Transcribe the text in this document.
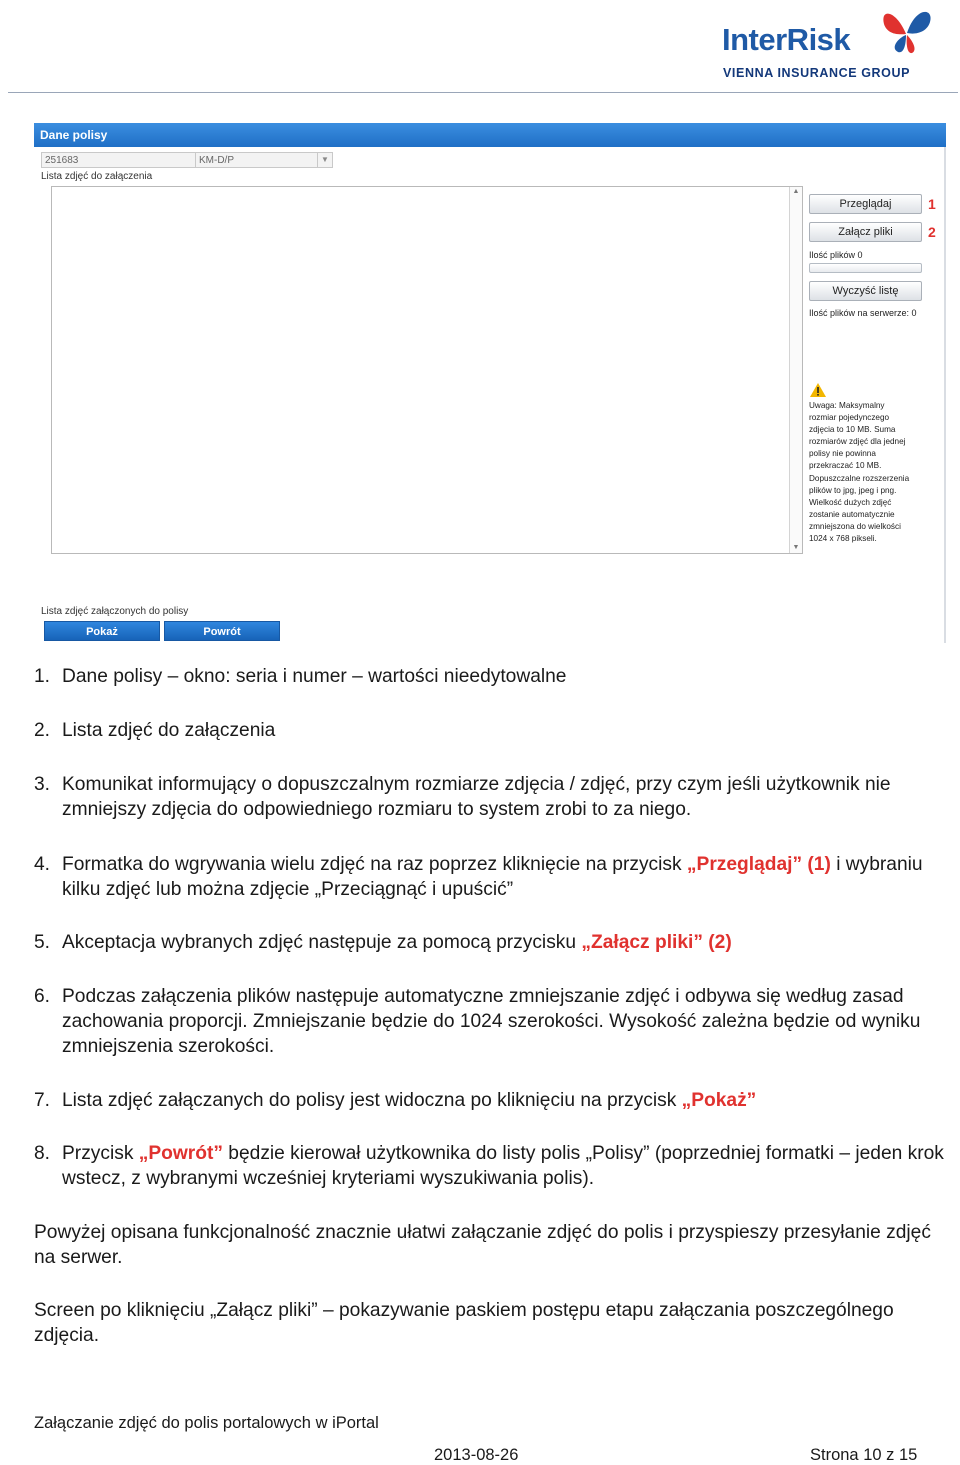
InterRisk
VIENNA INSURANCE GROUP
Dane polisy
251683	KM-D/P	▼
Lista zdjęć do załączenia
▲
▼
Przeglądaj	1
Załącz pliki	2
Ilość plików 0
Wyczyść listę
Ilość plików na serwerze: 0
Uwaga: Maksymalny
rozmiar pojedynczego
zdjęcia to 10 MB. Suma
rozmiarów zdjęć dla jednej
polisy nie powinna
przekraczać 10 MB.
Dopuszczalne rozszerzenia
plików to jpg, jpeg i png.
Wielkość dużych zdjęć
zostanie automatycznie
zmniejszona do wielkości
1024 x 768 pikseli.
Lista zdjęć załączonych do polisy
Pokaż	Powrót
1. Dane polisy – okno: seria i numer – wartości nieedytowalne
2. Lista zdjęć do załączenia
3. Komunikat informujący o dopuszczalnym rozmiarze zdjęcia / zdjęć, przy czym jeśli użytkownik nie zmniejszy zdjęcia do odpowiedniego rozmiaru to system zrobi to za niego.
4. Formatka do wgrywania wielu zdjęć na raz poprzez kliknięcie na przycisk „Przeglądaj” (1) i wybraniu kilku zdjęć lub można zdjęcie „Przeciągnąć i upuścić”
5. Akceptacja wybranych zdjęć następuje za pomocą przycisku „Załącz pliki” (2)
6. Podczas załączenia plików następuje automatyczne zmniejszanie zdjęć i odbywa się według zasad zachowania proporcji. Zmniejszanie będzie do 1024 szerokości. Wysokość zależna będzie od wyniku zmniejszenia szerokości.
7. Lista zdjęć załączanych do polisy jest widoczna po kliknięciu na przycisk „Pokaż”
8. Przycisk „Powrót” będzie kierował użytkownika do listy polis „Polisy” (poprzedniej formatki – jeden krok wstecz, z wybranymi wcześniej kryteriami wyszukiwania polis).
Powyżej opisana funkcjonalność znacznie ułatwi załączanie zdjęć do polis i przyspieszy przesyłanie zdjęć na serwer.
Screen po kliknięciu „Załącz pliki” – pokazywanie paskiem postępu etapu załączania poszczególnego zdjęcia.
Załączanie zdjęć do polis portalowych w iPortal
2013-08-26	Strona 10 z 15
